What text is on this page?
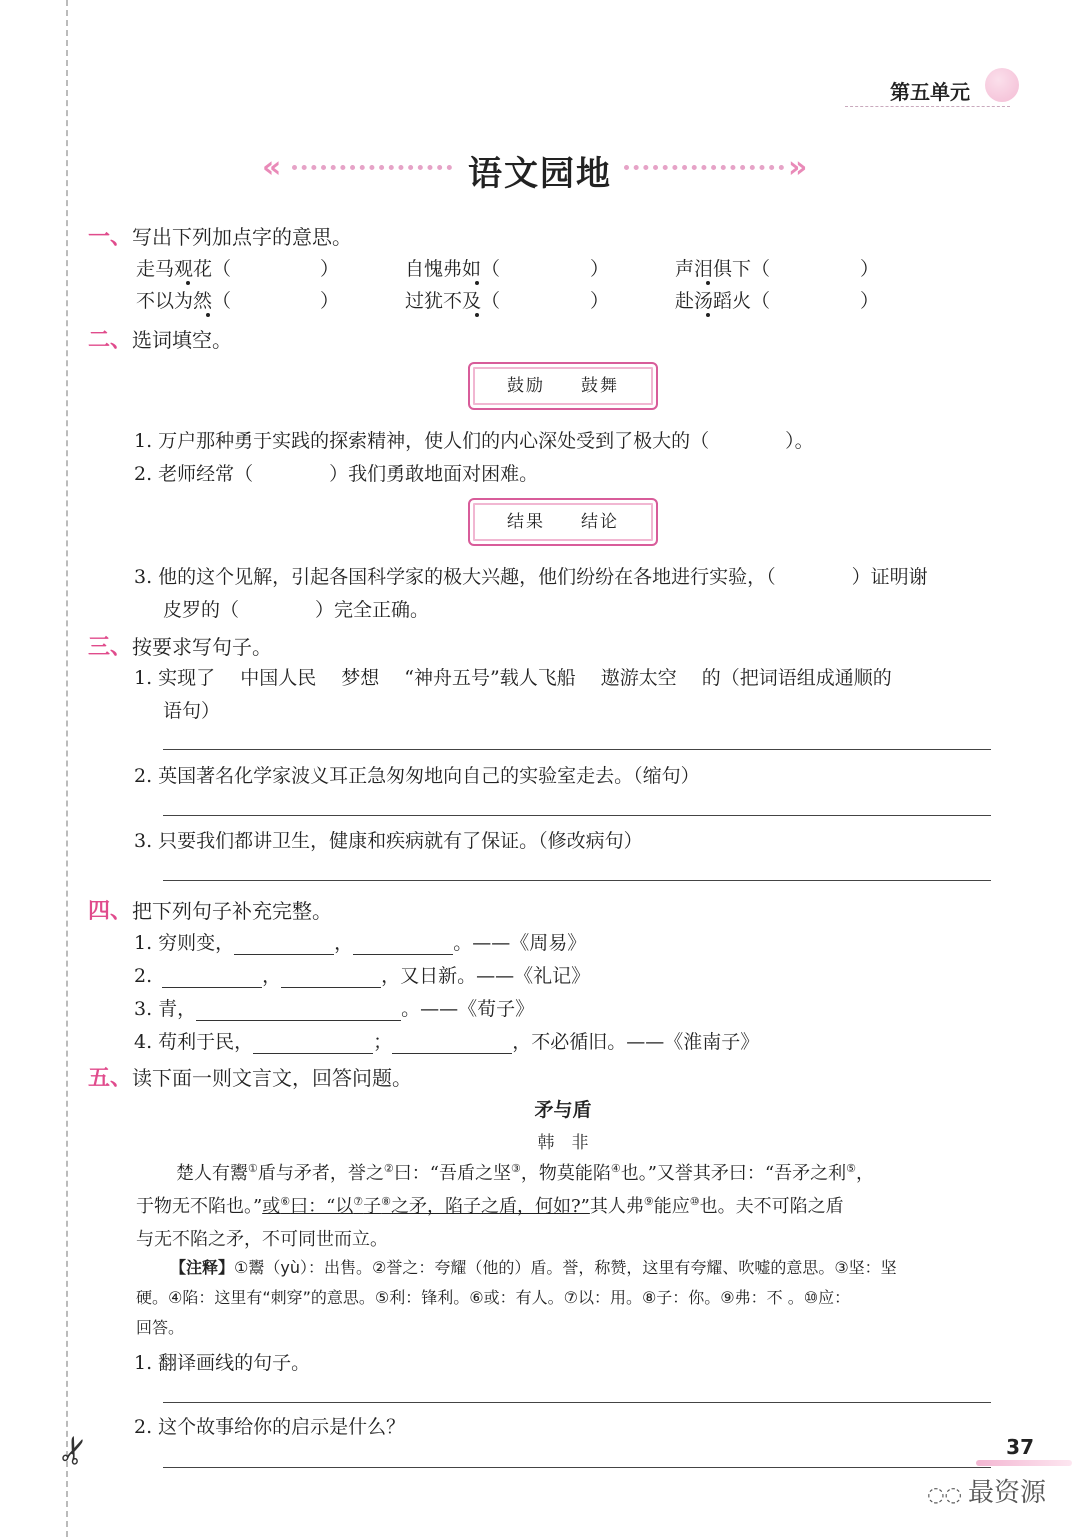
第五单元
«	语文园地	»
一、写出下列加点字的意思。
走马观花（	）	自愧弗如（	）	声泪俱下（	）
不以为然（	）	过犹不及（	）	赴汤蹈火（	）
二、选词填空。
鼓励 鼓舞
1. 万户那种勇于实践的探索精神，使人们的内心深处受到了极大的（　　　　）。
2. 老师经常（　　　　）我们勇敢地面对困难。
结果 结论
3. 他的这个见解，引起各国科学家的极大兴趣，他们纷纷在各地进行实验，（　　　　）证明谢
皮罗的（　　　　）完全正确。
三、按要求写句子。
1. 实现了　 中国人民　 梦想　 “神舟五号”载人飞船　 遨游太空　 的（把词语组成通顺的
语句）
2. 英国著名化学家波义耳正急匆匆地向自己的实验室走去。（缩句）
3. 只要我们都讲卫生，健康和疾病就有了保证。（修改病句）
四、把下列句子补充完整。
1. 穷则变，	，	。——《周易》
2.	，	，又日新。——《礼记》
3. 青，	。——《荀子》
4. 苟利于民，	；	，不必循旧。——《淮南子》
五、读下面一则文言文，回答问题。
矛与盾
韩　非
楚人有鬻①盾与矛者，誉之②曰：“吾盾之坚③，物莫能陷④也。”又誉其矛曰：“吾矛之利⑤，
于物无不陷也。”或⑥曰：“以⑦子⑧之矛，陷子之盾，何如?”其人弗⑨能应⑩也。夫不可陷之盾
与无不陷之矛，不可同世而立。
【注释】①鬻（yù）：出售。②誉之：夸耀（他的）盾。誉，称赞，这里有夸耀、吹嘘的意思。③坚：坚
硬。④陷：这里有“刺穿”的意思。⑤利：锋利。⑥或：有人。⑦以：用。⑧子：你。⑨弗：不 。⑩应：
回答。
1. 翻译画线的句子。
2. 这个故事给你的启示是什么？
✂	37
◌◌ 最资源
